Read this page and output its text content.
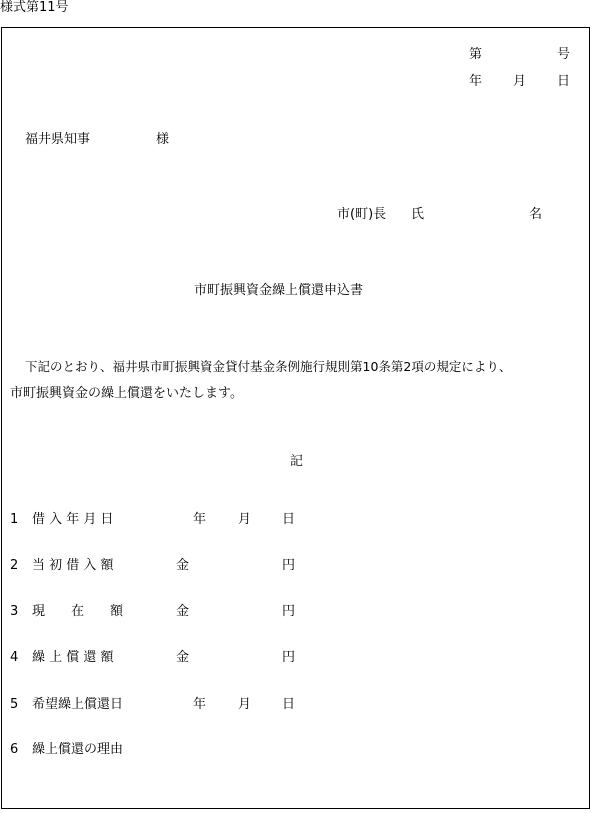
様式第11号
第	号
年 月 日
福井県知事	様
市(町)長 氏	名
市町振興資金繰上償還申込書
下記のとおり、福井県市町振興資金貸付基金条例施行規則第10条第2項の規定により、
市町振興資金の繰上償還をいたします。
記
1 借 入 年 月 日	年 月 日
2 当 初 借 入 額	金	円
3 現　　在　　額	金	円
4 繰 上 償 還 額	金	円
5 希望繰上償還日	年 月 日
6 繰上償還の理由
